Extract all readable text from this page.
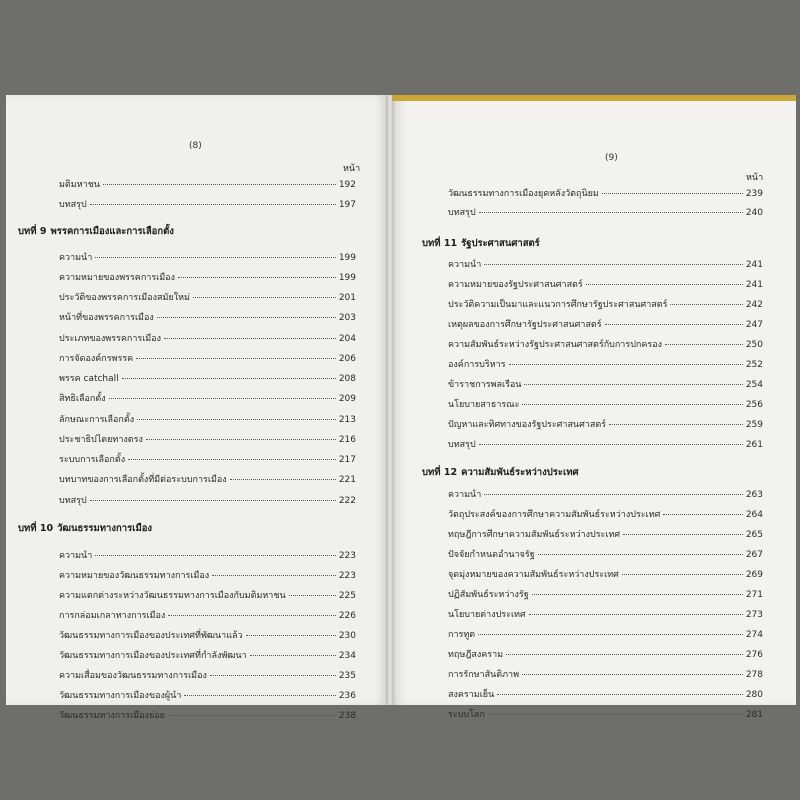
(8)
หน้า
มติมหาชน	192
บทสรุป	197
บทที่ 9 พรรคการเมืองและการเลือกตั้ง
ความนำ	199
ความหมายของพรรคการเมือง	199
ประวัติของพรรคการเมืองสมัยใหม่	201
หน้าที่ของพรรคการเมือง	203
ประเภทของพรรคการเมือง	204
การจัดองค์กรพรรค	206
พรรค catchall	208
สิทธิเลือกตั้ง	209
ลักษณะการเลือกตั้ง	213
ประชาธิปไตยทางตรง	216
ระบบการเลือกตั้ง	217
บทบาทของการเลือกตั้งที่มีต่อระบบการเมือง	221
บทสรุป	222
บทที่ 10 วัฒนธรรมทางการเมือง
ความนำ	223
ความหมายของวัฒนธรรมทางการเมือง	223
ความแตกต่างระหว่างวัฒนธรรมทางการเมืองกับมติมหาชน	225
การกล่อมเกลาทางการเมือง	226
วัฒนธรรมทางการเมืองของประเทศที่พัฒนาแล้ว	230
วัฒนธรรมทางการเมืองของประเทศที่กำลังพัฒนา	234
ความเสื่อมของวัฒนธรรมทางการเมือง	235
วัฒนธรรมทางการเมืองของผู้นำ	236
วัฒนธรรมทางการเมืองย่อย	238
(9)
หน้า
วัฒนธรรมทางการเมืองยุคหลังวัตถุนิยม	239
บทสรุป	240
บทที่ 11 รัฐประศาสนศาสตร์
ความนำ	241
ความหมายของรัฐประศาสนศาสตร์	241
ประวัติความเป็นมาและแนวการศึกษารัฐประศาสนศาสตร์	242
เหตุผลของการศึกษารัฐประศาสนศาสตร์	247
ความสัมพันธ์ระหว่างรัฐประศาสนศาสตร์กับการปกครอง	250
องค์การบริหาร	252
ข้าราชการพลเรือน	254
นโยบายสาธารณะ	256
ปัญหาและทิศทางของรัฐประศาสนศาสตร์	259
บทสรุป	261
บทที่ 12 ความสัมพันธ์ระหว่างประเทศ
ความนำ	263
วัตถุประสงค์ของการศึกษาความสัมพันธ์ระหว่างประเทศ	264
ทฤษฎีการศึกษาความสัมพันธ์ระหว่างประเทศ	265
ปัจจัยกำหนดอำนาจรัฐ	267
จุดมุ่งหมายของความสัมพันธ์ระหว่างประเทศ	269
ปฏิสัมพันธ์ระหว่างรัฐ	271
นโยบายต่างประเทศ	273
การทูต	274
ทฤษฎีสงคราม	276
การรักษาสันติภาพ	278
สงครามเย็น	280
ระบบโลก	281
